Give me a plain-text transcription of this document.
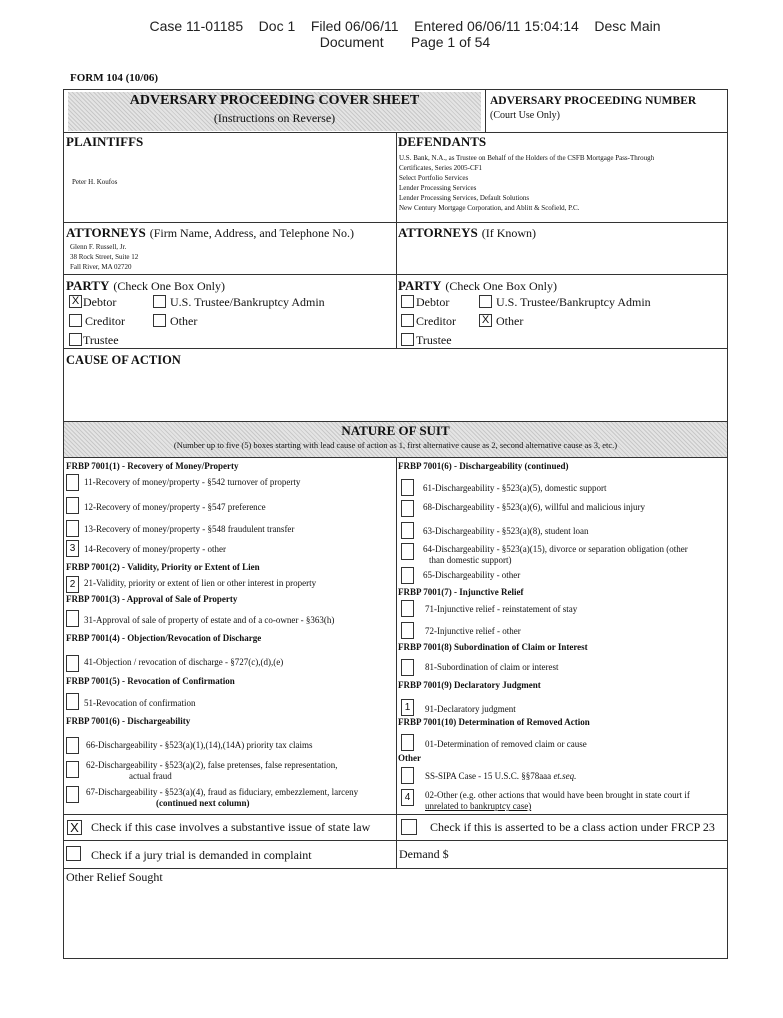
Case 11-01185    Doc 1    Filed 06/06/11    Entered 06/06/11 15:04:14    Desc Main
Document       Page 1 of 54
FORM 104 (10/06)
ADVERSARY PROCEEDING COVER SHEET
(Instructions on Reverse)
ADVERSARY PROCEEDING NUMBER
(Court Use Only)
PLAINTIFFS
Peter H. Koufos
DEFENDANTS
U.S. Bank, N.A., as Trustee on Behalf of the Holders of the CSFB Mortgage Pass-Through
Certificates, Series 2005-CF1
Select Portfolio Services
Lender Processing Services
Lender Processing Services, Default Solutions
New Century Mortgage Corporation, and Ablitt & Scofield, P.C.
ATTORNEYS (Firm Name, Address, and Telephone No.)
Glenn F. Russell, Jr.
38 Rock Street, Suite 12
Fall River, MA 02720
ATTORNEYS (If Known)
PARTY (Check One Box Only)
X Debtor	U.S. Trustee/Bankruptcy Admin
Creditor	Other
Trustee
PARTY (Check One Box Only)
Debtor	U.S. Trustee/Bankruptcy Admin
Creditor X Other
Trustee
CAUSE OF ACTION
NATURE OF SUIT
(Number up to five (5) boxes starting with lead cause of action as 1, first alternative cause as 2, second alternative cause as 3, etc.)
FRBP 7001(1) - Recovery of Money/Property
11-Recovery of money/property - §542 turnover of property
12-Recovery of money/property - §547 preference
13-Recovery of money/property - §548 fraudulent transfer
3 14-Recovery of money/property - other
FRBP 7001(2) - Validity, Priority or Extent of Lien
2 21-Validity, priority or extent of lien or other interest in property
FRBP 7001(3) - Approval of Sale of Property
31-Approval of sale of property of estate and of a co-owner - §363(h)
FRBP 7001(4) - Objection/Revocation of Discharge
41-Objection / revocation of discharge - §727(c),(d),(e)
FRBP 7001(5) - Revocation of Confirmation
51-Revocation of confirmation
FRBP 7001(6) - Dischargeability
66-Dischargeability - §523(a)(1),(14),(14A) priority tax claims
62-Dischargeability - §523(a)(2), false pretenses, false representation,
actual fraud
67-Dischargeability - §523(a)(4), fraud as fiduciary, embezzlement, larceny
(continued next column)
FRBP 7001(6) - Dischargeability (continued)
61-Dischargeability - §523(a)(5), domestic support
68-Dischargeability - §523(a)(6), willful and malicious injury
63-Dischargeability - §523(a)(8), student loan
64-Dischargeability - §523(a)(15), divorce or separation obligation (other
than domestic support)
65-Dischargeability - other
FRBP 7001(7) - Injunctive Relief
71-Injunctive relief - reinstatement of stay
72-Injunctive relief - other
FRBP 7001(8) Subordination of Claim or Interest
81-Subordination of claim or interest
FRBP 7001(9) Declaratory Judgment
1	91-Declaratory judgment
FRBP 7001(10) Determination of Removed Action
01-Determination of removed claim or cause
Other
SS-SIPA Case - 15 U.S.C. §§78aaa et.seq.
4	02-Other (e.g. other actions that would have been brought in state court if
unrelated to bankruptcy case)
X Check if this case involves a substantive issue of state law	Check if this is asserted to be a class action under FRCP 23
Check if a jury trial is demanded in complaint	Demand $
Other Relief Sought
